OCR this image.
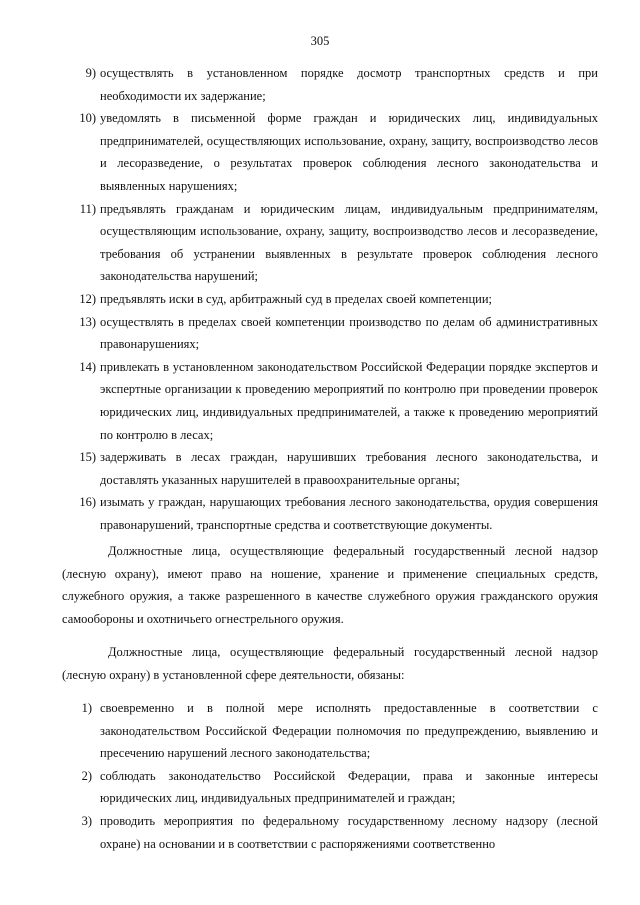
305
9) осуществлять в установленном порядке досмотр транспортных средств и при необходимости их задержание;
10) уведомлять в письменной форме граждан и юридических лиц, индивидуальных предпринимателей, осуществляющих использование, охрану, защиту, воспроизводство лесов и лесоразведение, о результатах проверок соблюдения лесного законодательства и выявленных нарушениях;
11) предъявлять гражданам и юридическим лицам, индивидуальным предпринимателям, осуществляющим использование, охрану, защиту, воспроизводство лесов и лесоразведение, требования об устранении выявленных в результате проверок соблюдения лесного законодательства нарушений;
12) предъявлять иски в суд, арбитражный суд в пределах своей компетенции;
13) осуществлять в пределах своей компетенции производство по делам об административных правонарушениях;
14) привлекать в установленном законодательством Российской Федерации порядке экспертов и экспертные организации к проведению мероприятий по контролю при проведении проверок юридических лиц, индивидуальных предпринимателей, а также к проведению мероприятий по контролю в лесах;
15) задерживать в лесах граждан, нарушивших требования лесного законодательства, и доставлять указанных нарушителей в правоохранительные органы;
16) изымать у граждан, нарушающих требования лесного законодательства, орудия совершения правонарушений, транспортные средства и соответствующие документы.

Должностные лица, осуществляющие федеральный государственный лесной надзор (лесную охрану), имеют право на ношение, хранение и применение специальных средств, служебного оружия, а также разрешенного в качестве служебного оружия гражданского оружия самообороны и охотничьего огнестрельного оружия.

Должностные лица, осуществляющие федеральный государственный лесной надзор (лесную охрану) в установленной сфере деятельности, обязаны:

1) своевременно и в полной мере исполнять предоставленные в соответствии с законодательством Российской Федерации полномочия по предупреждению, выявлению и пресечению нарушений лесного законодательства;
2) соблюдать законодательство Российской Федерации, права и законные интересы юридических лиц, индивидуальных предпринимателей и граждан;
3) проводить мероприятия по федеральному государственному лесному надзору (лесной охране) на основании и в соответствии с распоряжениями соответственно
